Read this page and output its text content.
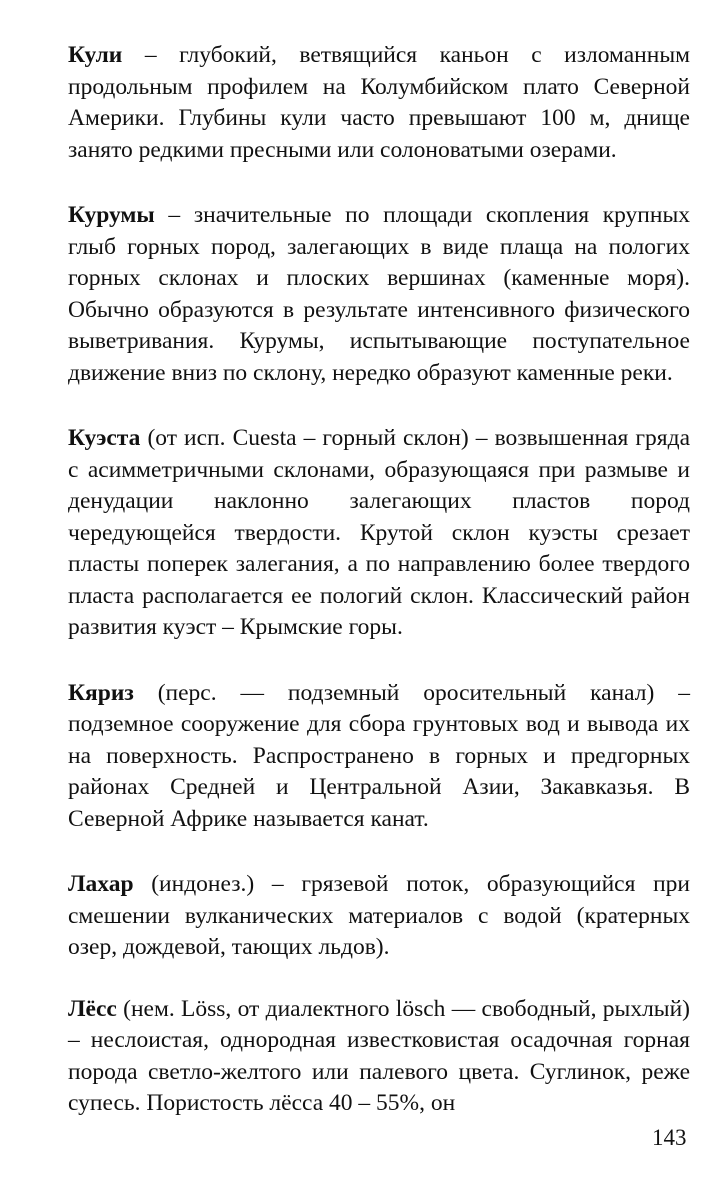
Кули – глубокий, ветвящийся каньон с изломанным продольным профилем на Колумбийском плато Северной Америки. Глубины кули часто превышают 100 м, днище занято редкими пресными или солоноватыми озерами.

Курумы – значительные по площади скопления крупных глыб горных пород, залегающих в виде плаща на пологих горных склонах и плоских вершинах (каменные моря). Обычно образуются в результате интенсивного физического выветривания. Курумы, испытывающие поступательное движение вниз по склону, нередко образуют каменные реки.

Куэста (от исп. Cuesta – горный склон) – возвышенная гряда с асимметричными склонами, образующаяся при размыве и денудации наклонно залегающих пластов пород чередующейся твердости. Крутой склон куэсты срезает пласты поперек залегания, а по направлению более твердого пласта располагается ее пологий склон. Классический район развития куэст – Крымские горы.

Кяриз (перс. — подземный оросительный канал) – подземное сооружение для сбора грунтовых вод и вывода их на поверхность. Распространено в горных и предгорных районах Средней и Центральной Азии, Закавказья. В Северной Африке называется канат.

Лахар (индонез.) – грязевой поток, образующийся при смешении вулканических материалов с водой (кратерных озер, дождевой, тающих льдов).

Лёсс (нем. Löss, от диалектного lösch — свободный, рыхлый) – неслоистая, однородная известковистая осадочная горная порода светло-желтого или палевого цвета. Суглинок, реже супесь. Пористость лёсса 40 – 55%, он

143
